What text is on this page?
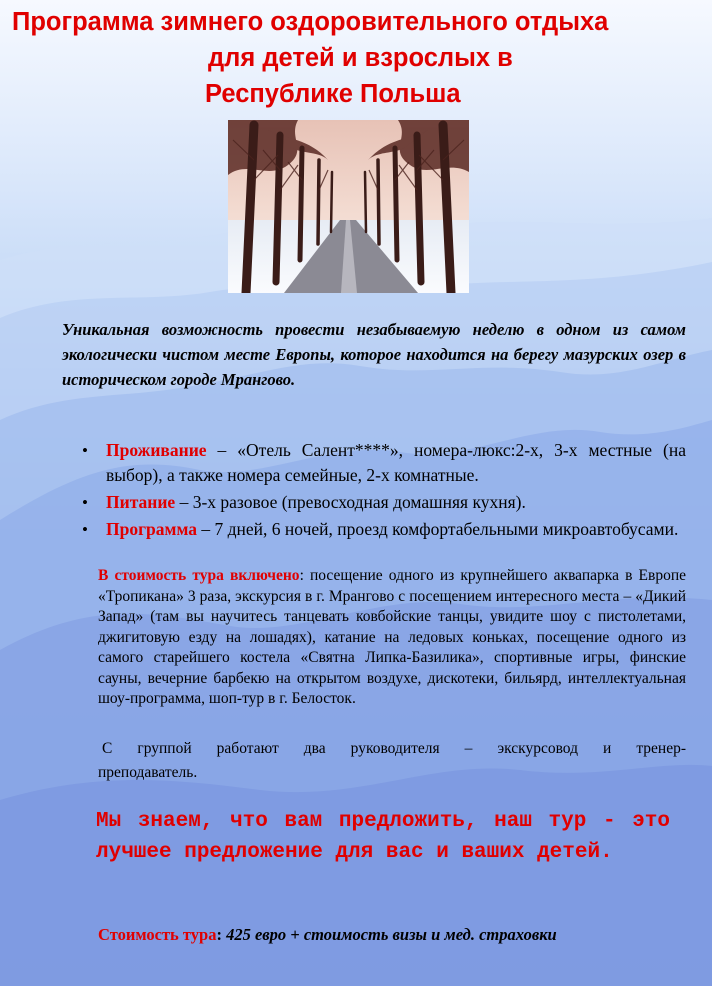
Программа зимнего оздоровительного отдыха
для детей и взрослых в
Республике Польша
Уникальная возможность провести незабываемую неделю в одном из самом экологически чистом месте Европы, которое находится на берегу мазурских озер в историческом городе Мрангово.
• Проживание – «Отель Салент****», номера-люкс:2-х, 3-х местные (на выбор), а также номера семейные, 2-х комнатные.
• Питание – 3-х разовое (превосходная домашняя кухня).
• Программа – 7 дней, 6 ночей, проезд комфортабельными микроавтобусами.
В стоимость тура включено: посещение одного из крупнейшего аквапарка в Европе «Тропикана» 3 раза, экскурсия в г. Мрангово с посещением интересного места – «Дикий Запад» (там вы научитесь танцевать ковбойские танцы, увидите шоу с пистолетами, джигитовую езду на лошадях), катание на ледовых коньках, посещение одного из самого старейшего костела «Святна Липка-Базилика», спортивные игры, финские сауны, вечерние барбекю на открытом воздухе, дискотеки, бильярд, интеллектуальная шоу-программа, шоп-тур в г. Белосток.
С группой работают два руководителя – экскурсовод и тренер-
преподаватель.
Мы знаем, что вам предложить, наш тур - это лучшее предложение для вас и ваших детей.
Стоимость тура: 425 евро + стоимость визы и мед. страховки
